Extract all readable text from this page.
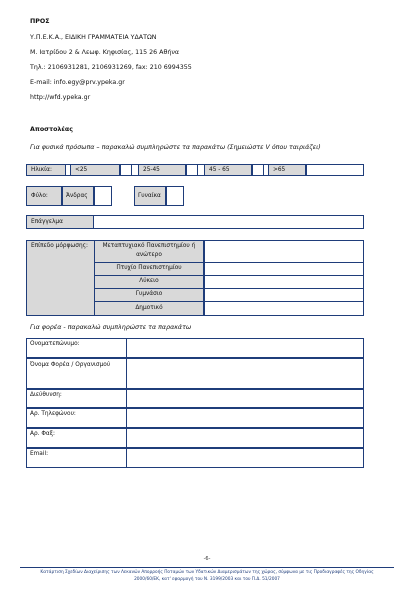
ΠΡΟΣ
Υ.Π.Ε.Κ.Α., ΕΙΔΙΚΗ ΓΡΑΜΜΑΤΕΙΑ ΥΔΑΤΩΝ
Μ. Ιατρίδου 2 & Λεωφ. Κηφισίας, 115 26 Αθήνα
Τηλ.: 2106931281, 2106931269, fax: 210 6994355
E-mail: info.egy@prv.ypeka.gr
http://wfd.ypeka.gr
Αποστολέας
Για φυσικά πρόσωπα – παρακαλώ συμπληρώστε τα παρακάτω (Σημειώστε V όπου ταιριάζει)
Ηλικία:	<25	25-45	45 - 65	>65
Φύλο:	Άνδρας	Γυναίκα
Επάγγελμα
Επίπεδο μόρφωσης:	Μεταπτυχιακό Πανεπιστημίου ή ανώτερο
Πτυχίο Πανεπιστημίου
Λύκειο
Γυμνάσιο
Δημοτικό
Για φορέα - παρακαλώ συμπληρώστε τα παρακάτω
Ονοματεπώνυμο:
Όνομα Φορέα / Οργανισμού
Διεύθυνση:
Αρ. Τηλεφώνου:
Αρ. Φαξ:
Email:
-6-
Κατάρτιση Σχεδίων Διαχείρισης των Λεκανών Απορροής Ποταμών των Υδατικών Διαμερισμάτων της χώρας, σύμφωνα με τις Προδιαγραφές της Οδηγίας
2000/60/ΕΚ, κατ' εφαρμογή του Ν. 3199/2003 και του Π.Δ. 51/2007
